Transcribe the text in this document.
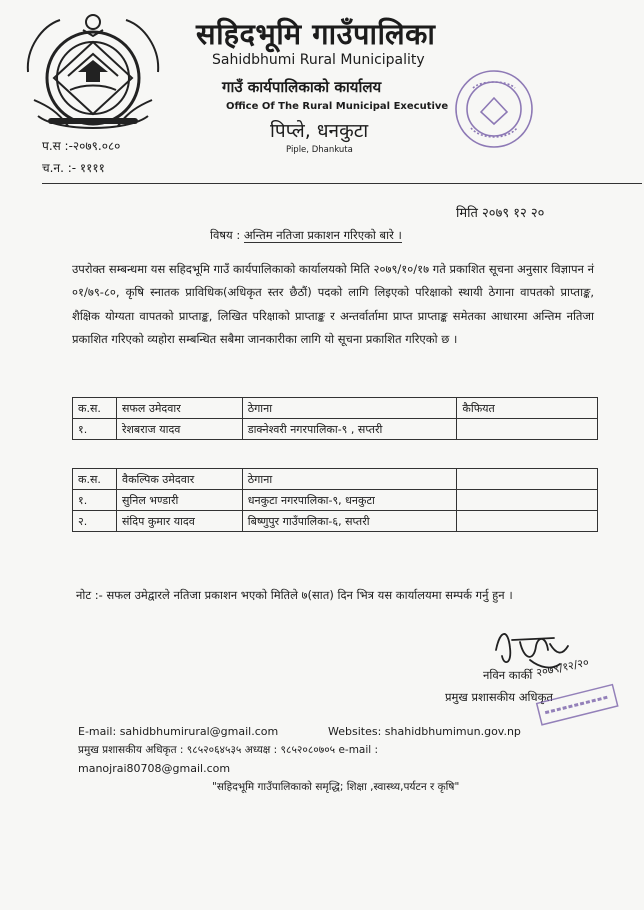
सहिदभूमि गाउँपालिका
Sahidbhumi Rural Municipality
गाउँ कार्यपालिकाको कार्यालय
Office Of The Rural Municipal Executive
पिप्ले, धनकुटा
Piple, Dhankuta
प.स :-२०७९.०८०
च.न. :- ११११
मिति २०७९ १२ २०
विषय : अन्तिम नतिजा प्रकाशन गरिएको बारे ।
उपरोक्त सम्बन्धमा यस सहिदभूमि गाउँ कार्यपालिकाको कार्यालयको मिति २०७९/१०/१७ गते प्रकाशित सूचना अनुसार विज्ञापन नं ०१/७९-८०, कृषि स्नातक प्राविधिक(अधिकृत स्तर छैठौं) पदको लागि लिइएको परिक्षाको स्थायी ठेगाना वापतको प्राप्ताङ्क, शैक्षिक योग्यता वापतको प्राप्ताङ्क, लिखित परिक्षाको प्राप्ताङ्क र अन्तर्वार्तामा प्राप्त प्राप्ताङ्क समेतका आधारमा अन्तिम नतिजा प्रकाशित गरिएको व्यहोरा सम्बन्धित सबैमा जानकारीका लागि यो सूचना प्रकाशित गरिएको छ ।
क.स.	सफल उमेदवार	ठेगाना	कैफियत
१.	रेशबराज यादव	डाक्नेश्वरी नगरपालिका-९ , सप्तरी	
क.स.	वैकल्पिक उमेदवार	ठेगाना	
१.	सुनिल भण्डारी	धनकुटा नगरपालिका-९, धनकुटा	
२.	संदिप कुमार यादव	बिष्णुपुर गाउँपालिका-६, सप्तरी	
नोट :- सफल उमेद्वारले नतिजा प्रकाशन भएको मितिले ७(सात) दिन भित्र यस कार्यालयमा सम्पर्क गर्नु हुन ।
२०७९/१२/२०
नविन कार्की
प्रमुख प्रशासकीय अधिकृत
E-mail: sahidbhumirural@gmail.com	Websites: shahidbhumimun.gov.np
प्रमुख प्रशासकीय अधिकृत : ९८५२०६४५३५ अध्यक्ष : ९८५२०८०७०५ e-mail :
manojrai80708@gmail.com
"सहिदभूमि गाउँपालिकाको समृद्धि; शिक्षा ,स्वास्थ्य,पर्यटन र कृषि"
